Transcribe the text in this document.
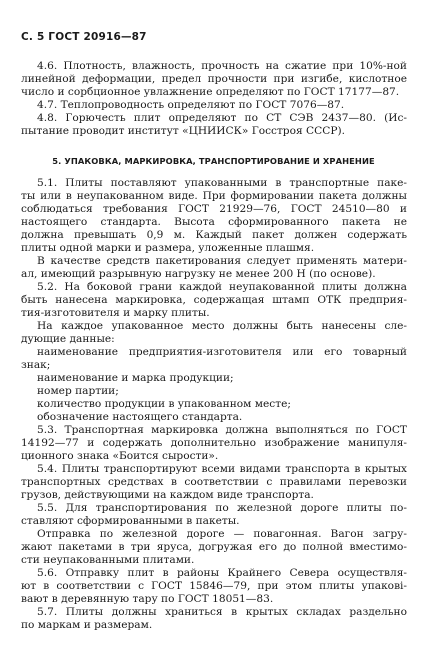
С. 5 ГОСТ 20916—87
4.6. Плотность, влажность, прочность на сжатие при 10%-ной
линейной деформации, предел прочности при изгибе, кислотное
число и сорбционное увлажнение определяют по ГОСТ 17177—87.
4.7. Теплопроводность определяют по ГОСТ 7076—87.
4.8. Горючесть плит определяют по СТ СЭВ 2437—80. (Ис-
пытание проводит институт «ЦНИИСК» Госстроя СССР).
5. УПАКОВКА, МАРКИРОВКА, ТРАНСПОРТИРОВАНИЕ И ХРАНЕНИЕ
5.1. Плиты поставляют упакованными в транспортные паке-
ты или в неупакованном виде. При формировании пакета должны
соблюдаться требования ГОСТ 21929—76, ГОСТ 24510—80 и
настоящего стандарта. Высота сформированного пакета не
должна превышать 0,9 м. Каждый пакет должен содержать
плиты одной марки и размера, уложенные плашмя.
В качестве средств пакетирования следует применять матери-
ал, имеющий разрывную нагрузку не менее 200 Н (по основе).
5.2. На боковой грани каждой неупакованной плиты должна
быть нанесена маркировка, содержащая штамп ОТК предприя-
тия-изготовителя и марку плиты.
На каждое упакованное место должны быть нанесены сле-
дующие данные:
наименование предприятия-изготовителя или его товарный
знак;
наименование и марка продукции;
номер партии;
количество продукции в упакованном месте;
обозначение настоящего стандарта.
5.3. Транспортная маркировка должна выполняться по ГОСТ
14192—77 и содержать дополнительно изображение манипуля-
ционного знака «Боится сырости».
5.4. Плиты транспортируют всеми видами транспорта в крытых
транспортных средствах в соответствии с правилами перевозки
грузов, действующими на каждом виде транспорта.
5.5. Для транспортирования по железной дороге плиты по-
ставляют сформированными в пакеты.
Отправка по железной дороге — повагонная. Вагон загру-
жают пакетами в три яруса, догружая его до полной вместимо-
сти неупакованными плитами.
5.6. Отправку плит в районы Крайнего Севера осуществля-
ют в соответствии с ГОСТ 15846—79, при этом плиты упакові-
вают в деревянную тару по ГОСТ 18051—83.
5.7. Плиты должны храниться в крытых складах раздельно
по маркам и размерам.
